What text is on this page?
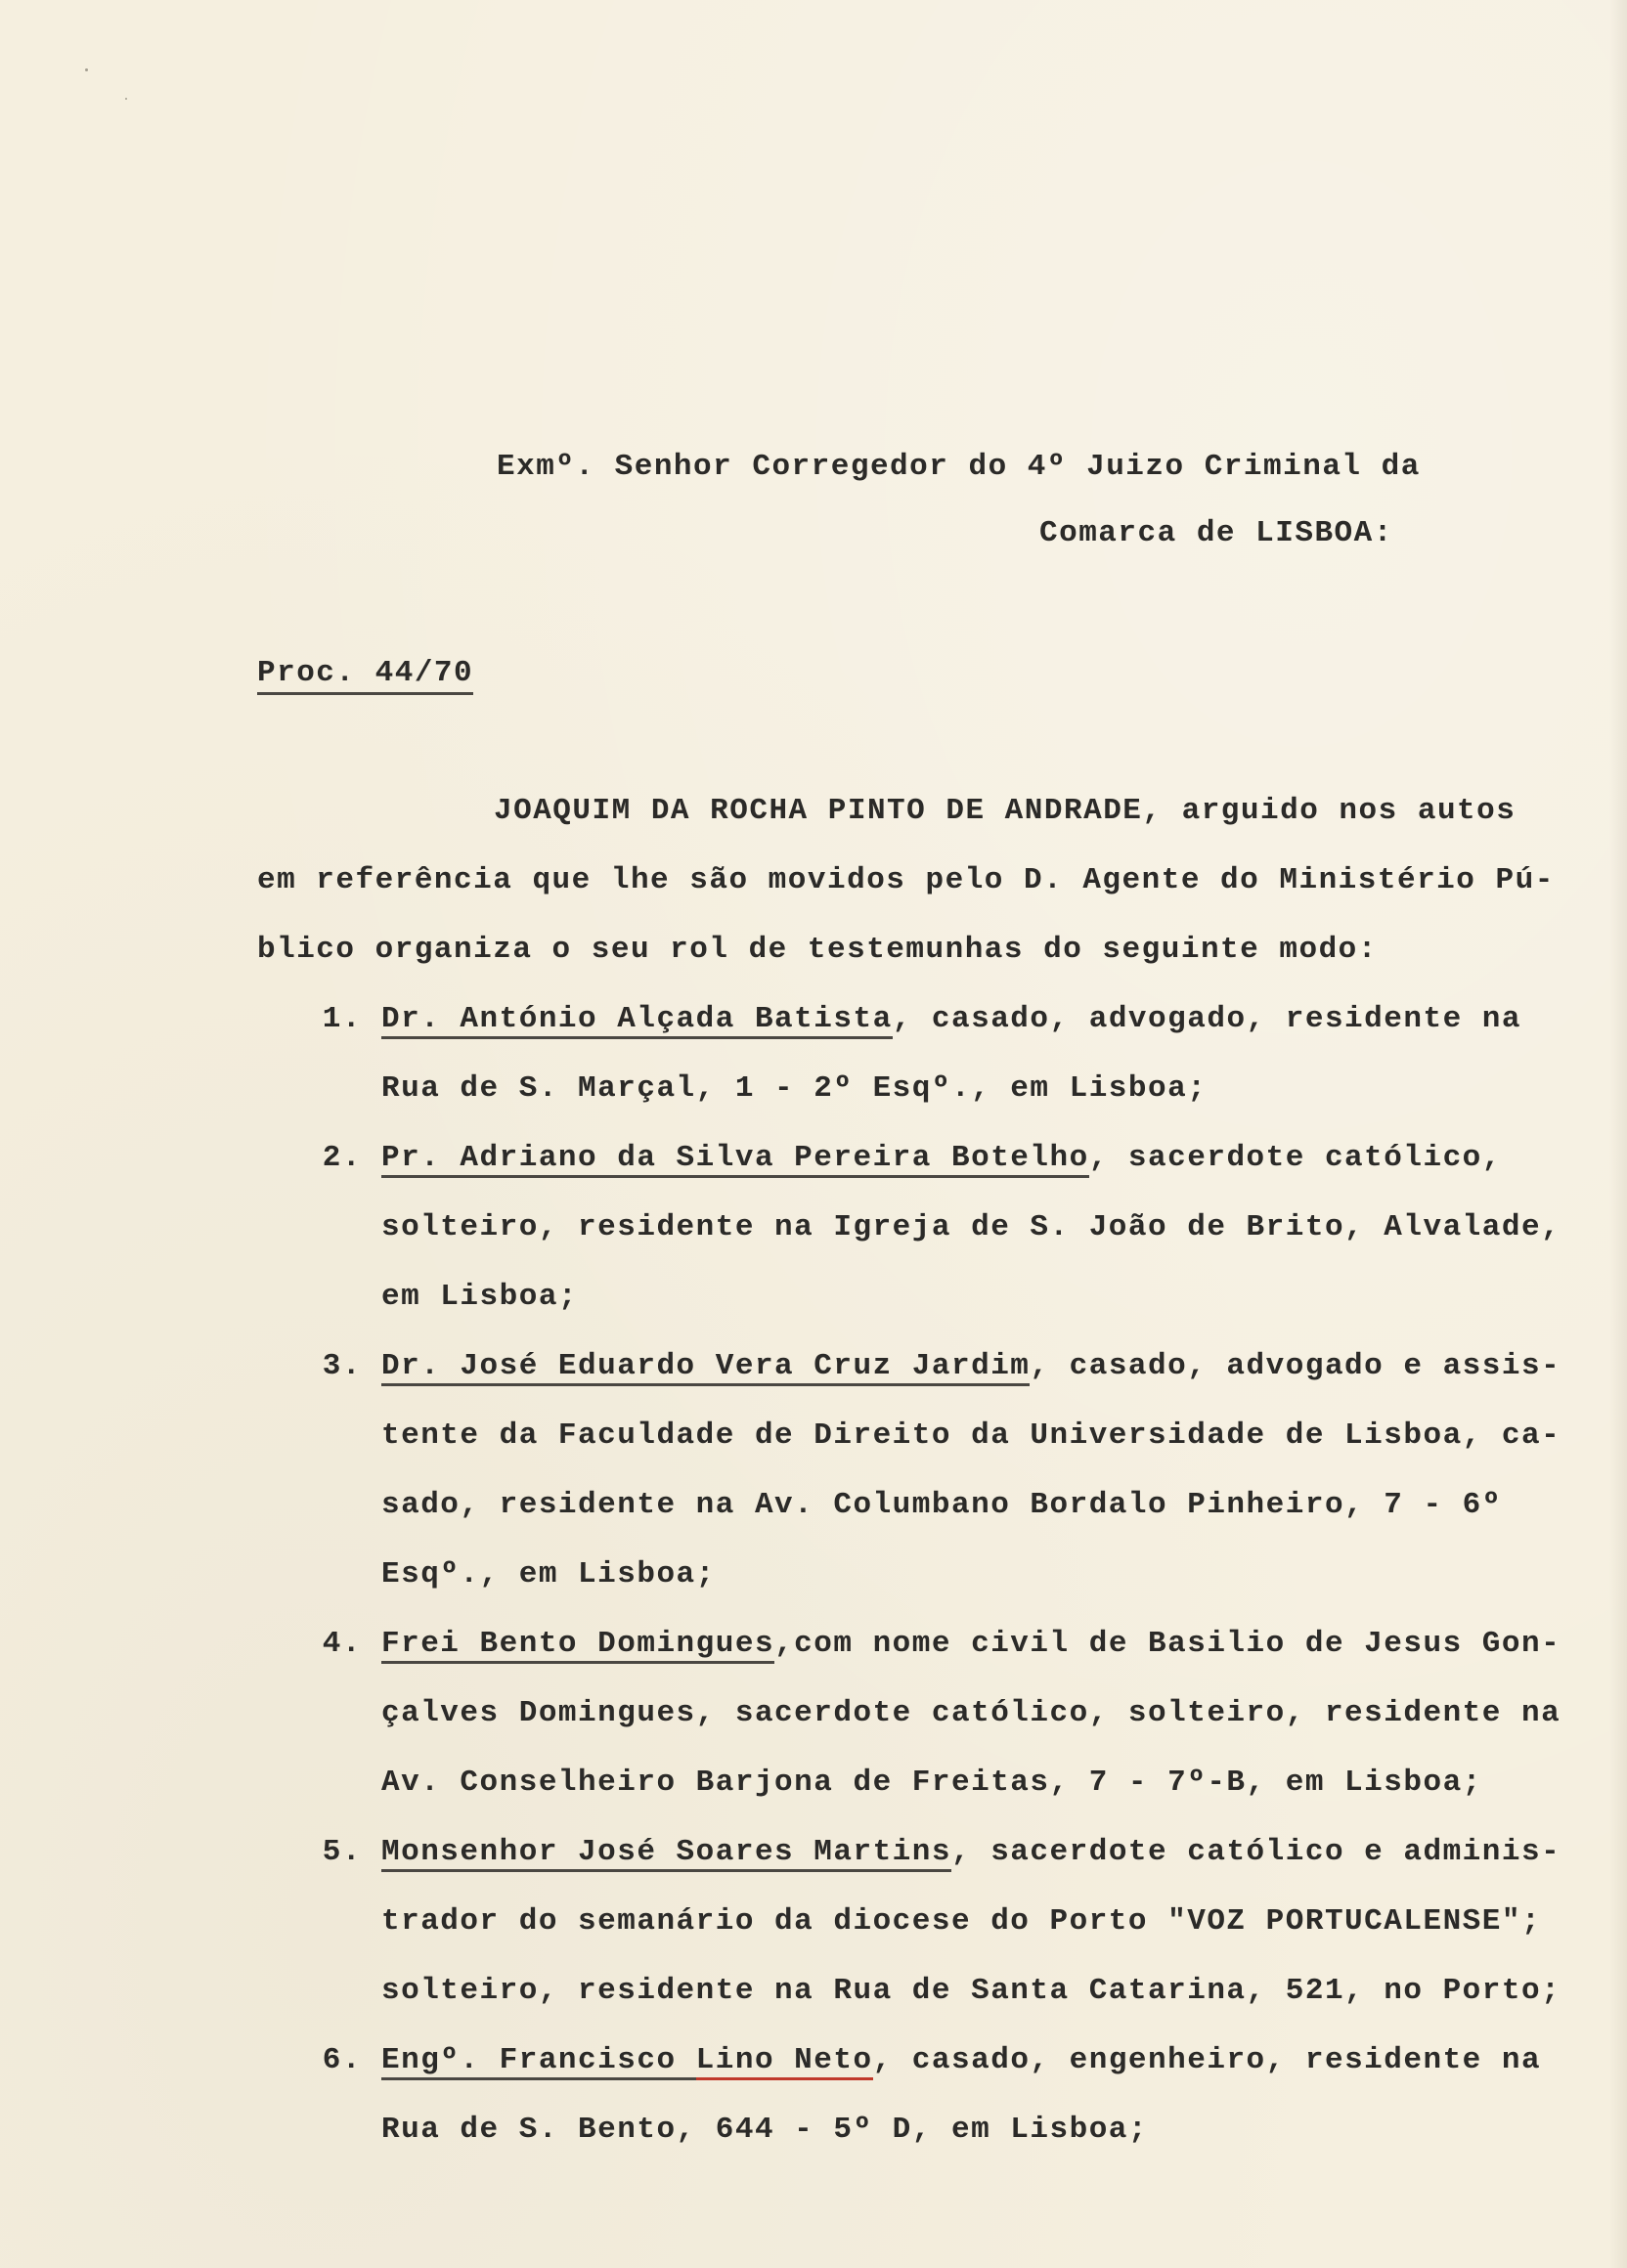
Exmº. Senhor Corregedor do 4º Juizo Criminal da
Comarca de LISBOA:
Proc. 44/70
JOAQUIM DA ROCHA PINTO DE ANDRADE, arguido nos autos
em referência que lhe são movidos pelo D. Agente do Ministério Pú-
blico organiza o seu rol de testemunhas do seguinte modo:
1. Dr. António Alçada Batista, casado, advogado, residente na
Rua de S. Marçal, 1 - 2º Esqº., em Lisboa;
2. Pr. Adriano da Silva Pereira Botelho, sacerdote católico,
solteiro, residente na Igreja de S. João de Brito, Alvalade,
em Lisboa;
3. Dr. José Eduardo Vera Cruz Jardim, casado, advogado e assis-
tente da Faculdade de Direito da Universidade de Lisboa, ca-
sado, residente na Av. Columbano Bordalo Pinheiro, 7 - 6º
Esqº., em Lisboa;
4. Frei Bento Domingues,com nome civil de Basilio de Jesus Gon-
çalves Domingues, sacerdote católico, solteiro, residente na
Av. Conselheiro Barjona de Freitas, 7 - 7º-B, em Lisboa;
5. Monsenhor José Soares Martins, sacerdote católico e adminis-
trador do semanário da diocese do Porto "VOZ PORTUCALENSE";
solteiro, residente na Rua de Santa Catarina, 521, no Porto;
6. Engº. Francisco Lino Neto, casado, engenheiro, residente na
Rua de S. Bento, 644 - 5º D, em Lisboa;
